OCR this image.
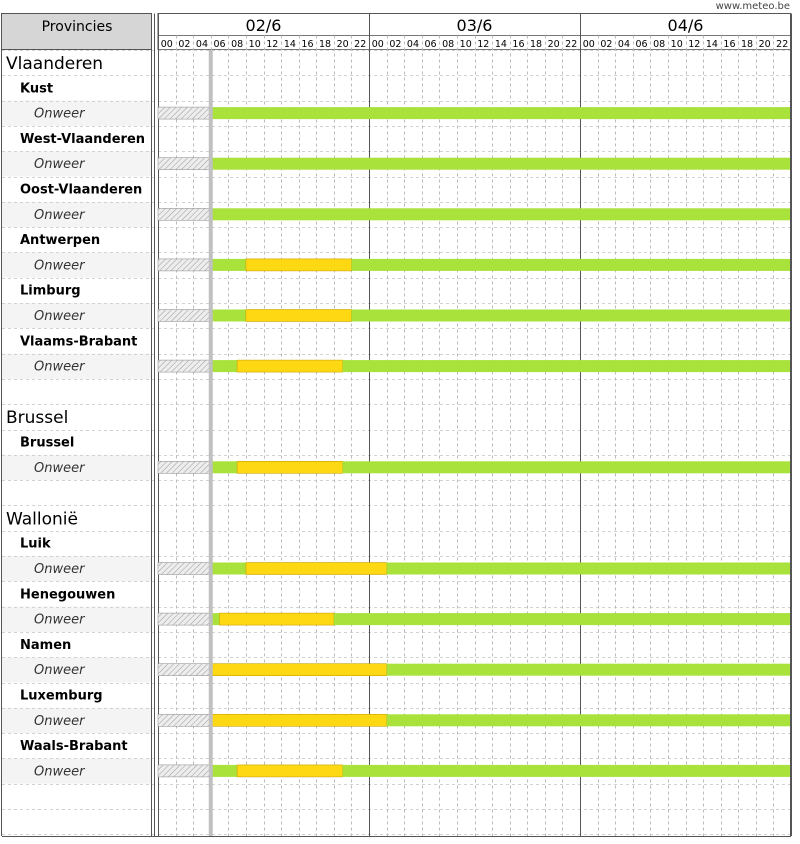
www.meteo.be
Provincies	02/6	03/6	04/6
00 02 04 06 08 10 12 14 16 18 20 22 00 02 04 06 08 10 12 14 16 18 20 22 00 02 04 06 08 10 12 14 16 18 20 22
Vlaanderen
Kust
Onweer
West-Vlaanderen
Onweer
Oost-Vlaanderen
Onweer
Antwerpen
Onweer
Limburg
Onweer
Vlaams-Brabant
Onweer
Brussel
Brussel
Onweer
Wallonië
Luik
Onweer
Henegouwen
Onweer
Namen
Onweer
Luxemburg
Onweer
Waals-Brabant
Onweer
